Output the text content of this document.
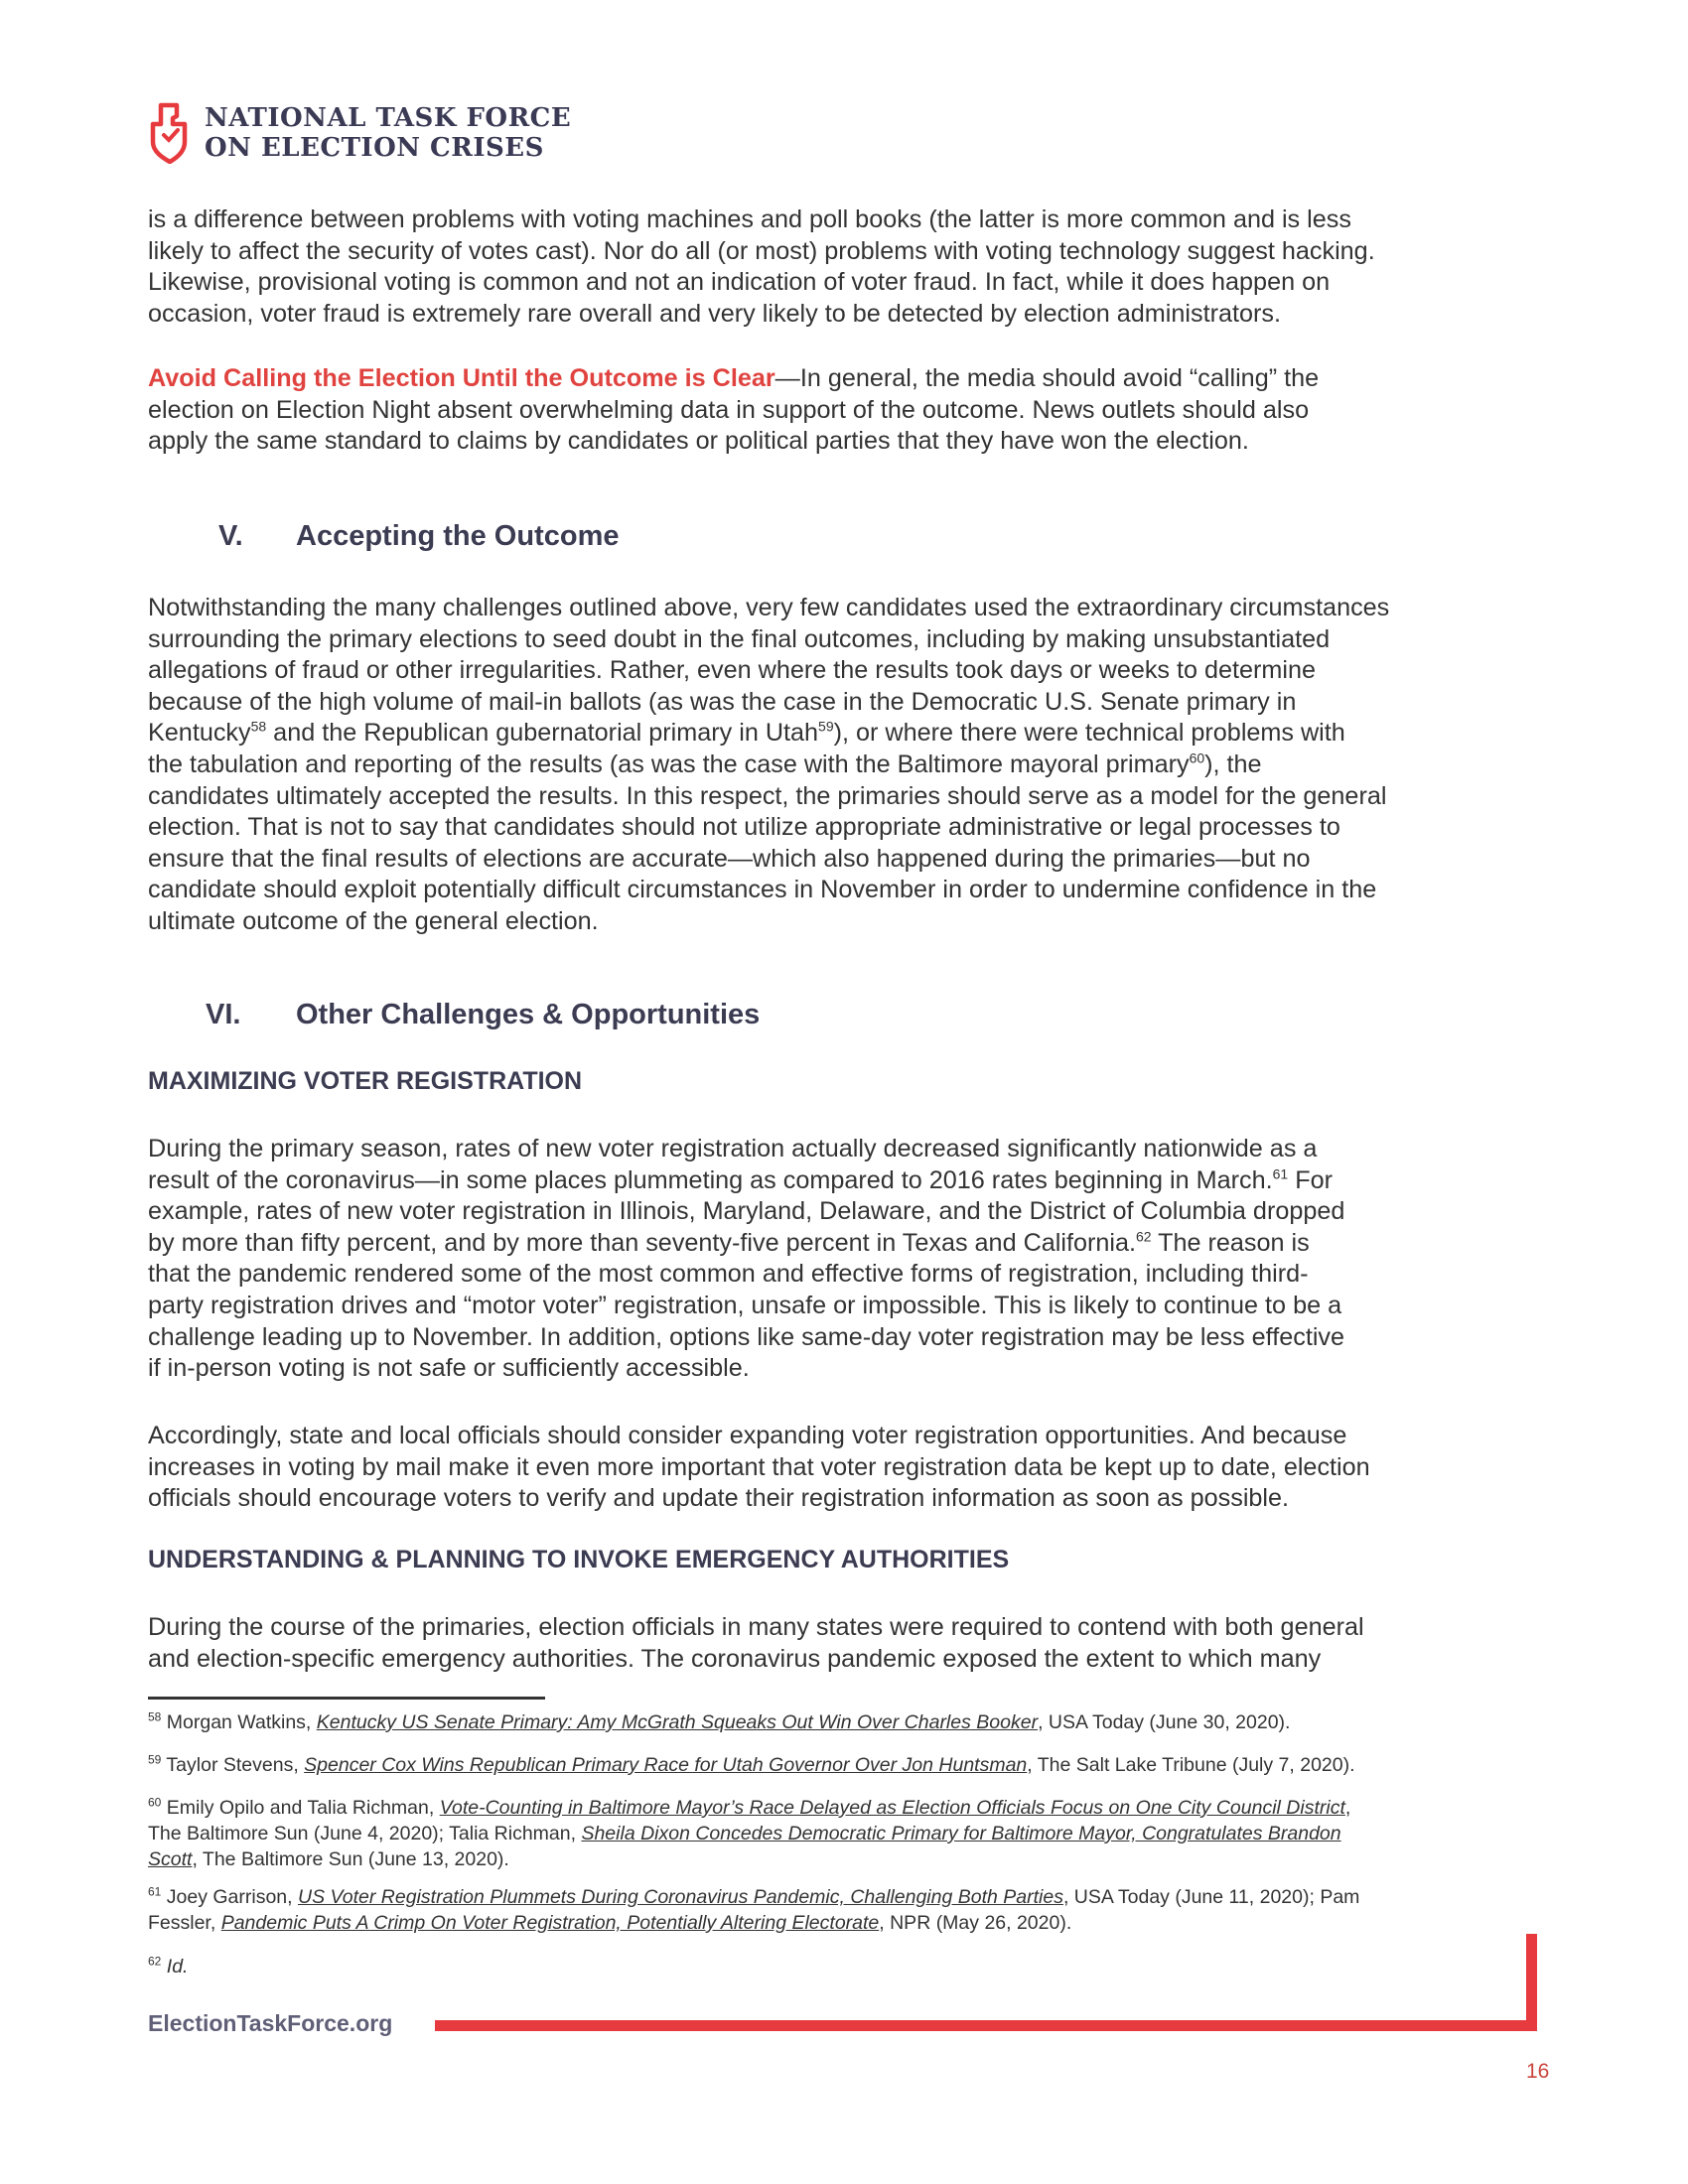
NATIONAL TASK FORCE
ON ELECTION CRISES
is a difference between problems with voting machines and poll books (the latter is more common and is less
likely to affect the security of votes cast). Nor do all (or most) problems with voting technology suggest hacking.
Likewise, provisional voting is common and not an indication of voter fraud. In fact, while it does happen on
occasion, voter fraud is extremely rare overall and very likely to be detected by election administrators.
Avoid Calling the Election Until the Outcome is Clear—In general, the media should avoid “calling” the
election on Election Night absent overwhelming data in support of the outcome. News outlets should also
apply the same standard to claims by candidates or political parties that they have won the election.
V. Accepting the Outcome
Notwithstanding the many challenges outlined above, very few candidates used the extraordinary circumstances
surrounding the primary elections to seed doubt in the final outcomes, including by making unsubstantiated
allegations of fraud or other irregularities. Rather, even where the results took days or weeks to determine
because of the high volume of mail-in ballots (as was the case in the Democratic U.S. Senate primary in
Kentucky$^{58}$ and the Republican gubernatorial primary in Utah$^{59}$), or where there were technical problems with
the tabulation and reporting of the results (as was the case with the Baltimore mayoral primary$^{60}$), the
candidates ultimately accepted the results. In this respect, the primaries should serve as a model for the general
election. That is not to say that candidates should not utilize appropriate administrative or legal processes to
ensure that the final results of elections are accurate—which also happened during the primaries—but no
candidate should exploit potentially difficult circumstances in November in order to undermine confidence in the
ultimate outcome of the general election.
VI. Other Challenges & Opportunities
MAXIMIZING VOTER REGISTRATION
During the primary season, rates of new voter registration actually decreased significantly nationwide as a
result of the coronavirus—in some places plummeting as compared to 2016 rates beginning in March.$^{61}$ For
example, rates of new voter registration in Illinois, Maryland, Delaware, and the District of Columbia dropped
by more than fifty percent, and by more than seventy-five percent in Texas and California.$^{62}$ The reason is
that the pandemic rendered some of the most common and effective forms of registration, including third-
party registration drives and “motor voter” registration, unsafe or impossible. This is likely to continue to be a
challenge leading up to November. In addition, options like same-day voter registration may be less effective
if in-person voting is not safe or sufficiently accessible.
Accordingly, state and local officials should consider expanding voter registration opportunities. And because
increases in voting by mail make it even more important that voter registration data be kept up to date, election
officials should encourage voters to verify and update their registration information as soon as possible.
UNDERSTANDING & PLANNING TO INVOKE EMERGENCY AUTHORITIES
During the course of the primaries, election officials in many states were required to contend with both general
and election-specific emergency authorities. The coronavirus pandemic exposed the extent to which many
$^{58}$ Morgan Watkins, Kentucky US Senate Primary: Amy McGrath Squeaks Out Win Over Charles Booker, USA Today (June 30, 2020).
$^{59}$ Taylor Stevens, Spencer Cox Wins Republican Primary Race for Utah Governor Over Jon Huntsman, The Salt Lake Tribune (July 7, 2020).
$^{60}$ Emily Opilo and Talia Richman, Vote-Counting in Baltimore Mayor’s Race Delayed as Election Officials Focus on One City Council District,
The Baltimore Sun (June 4, 2020); Talia Richman, Sheila Dixon Concedes Democratic Primary for Baltimore Mayor, Congratulates Brandon
Scott, The Baltimore Sun (June 13, 2020).
$^{61}$ Joey Garrison, US Voter Registration Plummets During Coronavirus Pandemic, Challenging Both Parties, USA Today (June 11, 2020); Pam
Fessler, Pandemic Puts A Crimp On Voter Registration, Potentially Altering Electorate, NPR (May 26, 2020).
$^{62}$ Id.
ElectionTaskForce.org
16
